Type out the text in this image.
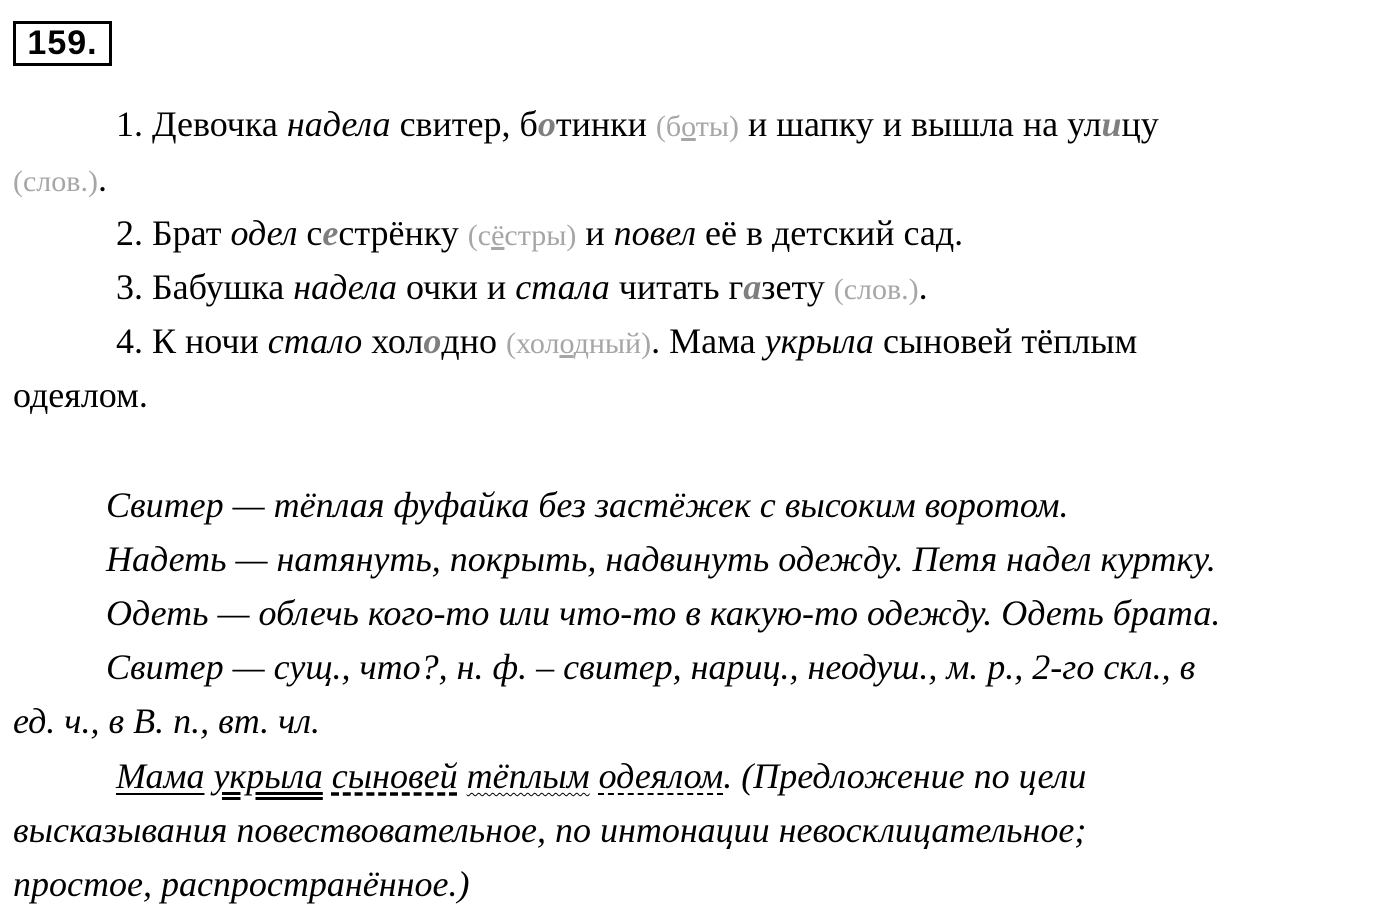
159.
1. Девочка надела свитер, ботинки (боты) и шапку и вышла на улицу
(слов.).
2. Брат одел сестрёнку (сёстры) и повел её в детский сад.
3. Бабушка надела очки и стала читать газету (слов.).
4. К ночи стало холодно (холодный). Мама укрыла сыновей тёплым
одеялом.
Свитер — тёплая фуфайка без застёжек с высоким воротом.
Надеть — натянуть, покрыть, надвинуть одежду. Петя надел куртку.
Одеть — облечь кого-то или что-то в какую-то одежду. Одеть брата.
Свитер — сущ., что?, н. ф. – свитер, нариц., неодуш., м. р., 2-го скл., в
ед. ч., в В. п., вт. чл.
Мама укрыла сыновей тёплым одеялом. (Предложение по цели
высказывания повествовательное, по интонации невосклицательное;
простое, распространённое.)
